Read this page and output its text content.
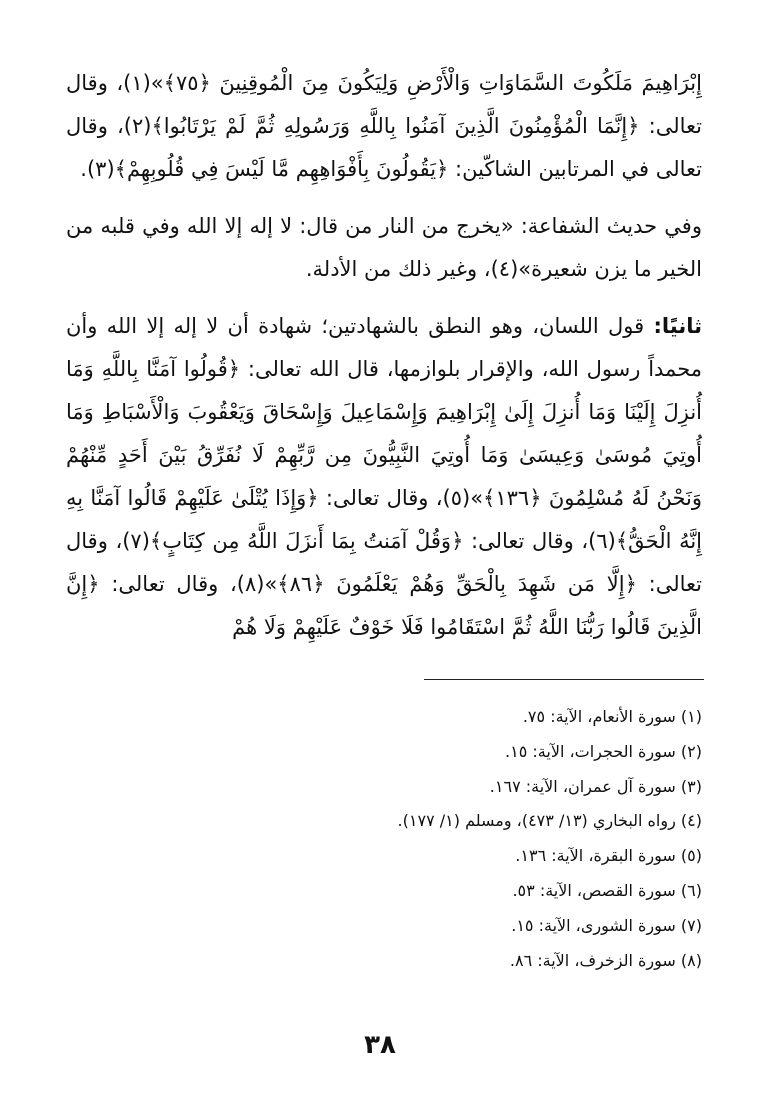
إِبْرَاهِيمَ مَلَكُوتَ السَّمَاوَاتِ وَالْأَرْضِ وَلِيَكُونَ مِنَ الْمُوقِنِينَ ﴿٧٥﴾»(١)، وقال تعالى: ﴿إِنَّمَا الْمُؤْمِنُونَ الَّذِينَ آمَنُوا بِاللَّهِ وَرَسُولِهِ ثُمَّ لَمْ يَرْتَابُوا﴾(٢)، وقال تعالى في المرتابين الشاكّين: ﴿يَقُولُونَ بِأَفْوَاهِهِم مَّا لَيْسَ فِي قُلُوبِهِمْ﴾(٣).

وفي حديث الشفاعة: «يخرج من النار من قال: لا إله إلا الله وفي قلبه من الخير ما يزن شعيرة»(٤)، وغير ذلك من الأدلة.

ثانيًا: قول اللسان، وهو النطق بالشهادتين؛ شهادة أن لا إله إلا الله وأن محمداً رسول الله، والإقرار بلوازمها، قال الله تعالى: ﴿قُولُوا آمَنَّا بِاللَّهِ وَمَا أُنزِلَ إِلَيْنَا وَمَا أُنزِلَ إِلَىٰ إِبْرَاهِيمَ وَإِسْمَاعِيلَ وَإِسْحَاقَ وَيَعْقُوبَ وَالْأَسْبَاطِ وَمَا أُوتِيَ مُوسَىٰ وَعِيسَىٰ وَمَا أُوتِيَ النَّبِيُّونَ مِن رَّبِّهِمْ لَا نُفَرِّقُ بَيْنَ أَحَدٍ مِّنْهُمْ وَنَحْنُ لَهُ مُسْلِمُونَ ﴿١٣٦﴾»(٥)، وقال تعالى: ﴿وَإِذَا يُتْلَىٰ عَلَيْهِمْ قَالُوا آمَنَّا بِهِ إِنَّهُ الْحَقُّ﴾(٦)، وقال تعالى: ﴿وَقُلْ آمَنتُ بِمَا أَنزَلَ اللَّهُ مِن كِتَابٍ﴾(٧)، وقال تعالى: ﴿إِلَّا مَن شَهِدَ بِالْحَقِّ وَهُمْ يَعْلَمُونَ ﴿٨٦﴾»(٨)، وقال تعالى: ﴿إِنَّ الَّذِينَ قَالُوا رَبُّنَا اللَّهُ ثُمَّ اسْتَقَامُوا فَلَا خَوْفٌ عَلَيْهِمْ وَلَا هُمْ

(١) سورة الأنعام، الآية: ٧٥.
(٢) سورة الحجرات، الآية: ١٥.
(٣) سورة آل عمران، الآية: ١٦٧.
(٤) رواه البخاري (١٣/ ٤٧٣)، ومسلم (١/ ١٧٧).
(٥) سورة البقرة، الآية: ١٣٦.
(٦) سورة القصص، الآية: ٥٣.
(٧) سورة الشورى، الآية: ١٥.
(٨) سورة الزخرف، الآية: ٨٦.
٣٨
